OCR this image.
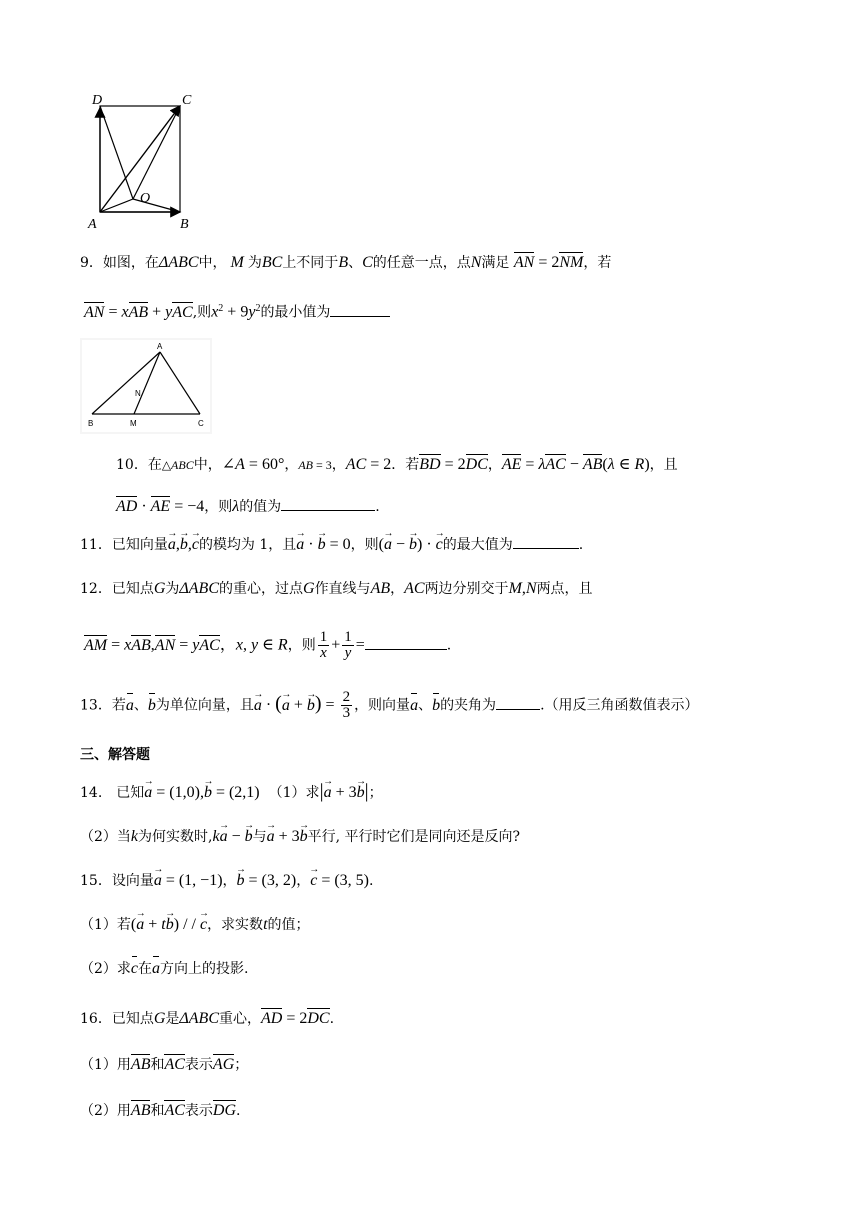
D	C
O
A	B
9．如图，在ΔABC中， M 为BC上不同于B、C的任意一点，点N满足 AN = 2NM，若
AN = xAB + yAC,则$x^2 + 9y^2$的最小值为
A
N
B	M	C
10．在△ABC中，∠A = 60°，AB = 3，AC = 2．若BD = 2DC，AE = λAC − AB(λ ∈ R)，且
AD · AE = −4，则λ的值为	.
11．已知向量→ a,→ b,→ c的模均为 1，且→ a · → b = 0，则(→ a − → b) · → c的最大值为	.
12．已知点G为ΔABC的重心，过点G作直线与AB，AC两边分别交于M,N两点，且
AM = xAB,AN = yAC，x, y ∈ R，则 $\frac{1}{x} + \frac{1}{y}$ =	.
13．若a、b为单位向量，且→ a · (→ a + → $b) = \frac{2}{3}$ ，则向量a、b的夹角为	.（用反三角函数值表示）
三、解答题
14.　已知→ a = (1,0),→ b = (2,1)　（1）求|→ a + 3→ b|；
（2）当k为何实数时,k→ a − → b与→ a + 3→ b平行, 平行时它们是同向还是反向?
15．设向量→ a = (1, −1)，→ b = (3, 2)，→ c = (3, 5).
（1）若(→ a + t→ b) / / → c，求实数t的值；
（2）求c在a方向上的投影.
16．已知点G是ΔABC重心，AD = 2DC.
（1）用AB和AC表示AG；
（2）用AB和AC表示DG.
